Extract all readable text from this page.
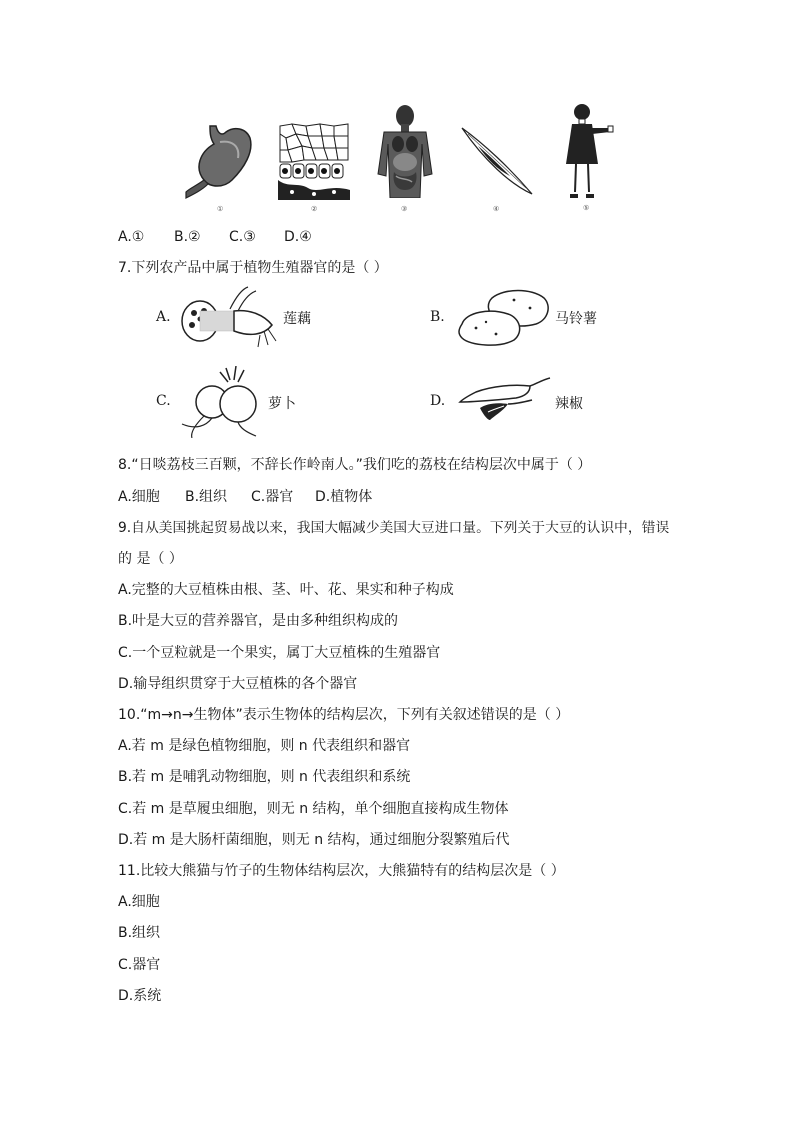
①	②	③	④	⑤
A.① B.② C.③ D.④
7.下列农产品中属于植物生殖器官的是（ ）
A.	莲藕	B.	马铃薯
C.	萝卜	D.	辣椒
8.“日啖荔枝三百颗，不辞长作岭南人。”我们吃的荔枝在结构层次中属于（ ）
A.细胞 B.组织 C.器官 D.植物体
9.自从美国挑起贸易战以来，我国大幅减少美国大豆进口量。下列关于大豆的认识中，错误
的 是（ ）
A.完整的大豆植株由根、茎、叶、花、果实和种子构成
B.叶是大豆的营养器官，是由多种组织构成的
C.一个豆粒就是一个果实，属丁大豆植株的生殖器官
D.输导组织贯穿于大豆植株的各个器官
10.“m→n→生物体”表示生物体的结构层次，下列有关叙述错误的是（ ）
A.若 m 是绿色植物细胞，则 n 代表组织和器官
B.若 m 是哺乳动物细胞，则 n 代表组织和系统
C.若 m 是草履虫细胞，则无 n 结构，单个细胞直接构成生物体
D.若 m 是大肠杆菌细胞，则无 n 结构，通过细胞分裂繁殖后代
11.比较大熊猫与竹子的生物体结构层次，大熊猫特有的结构层次是（ ）
A.细胞
B.组织
C.器官
D.系统
